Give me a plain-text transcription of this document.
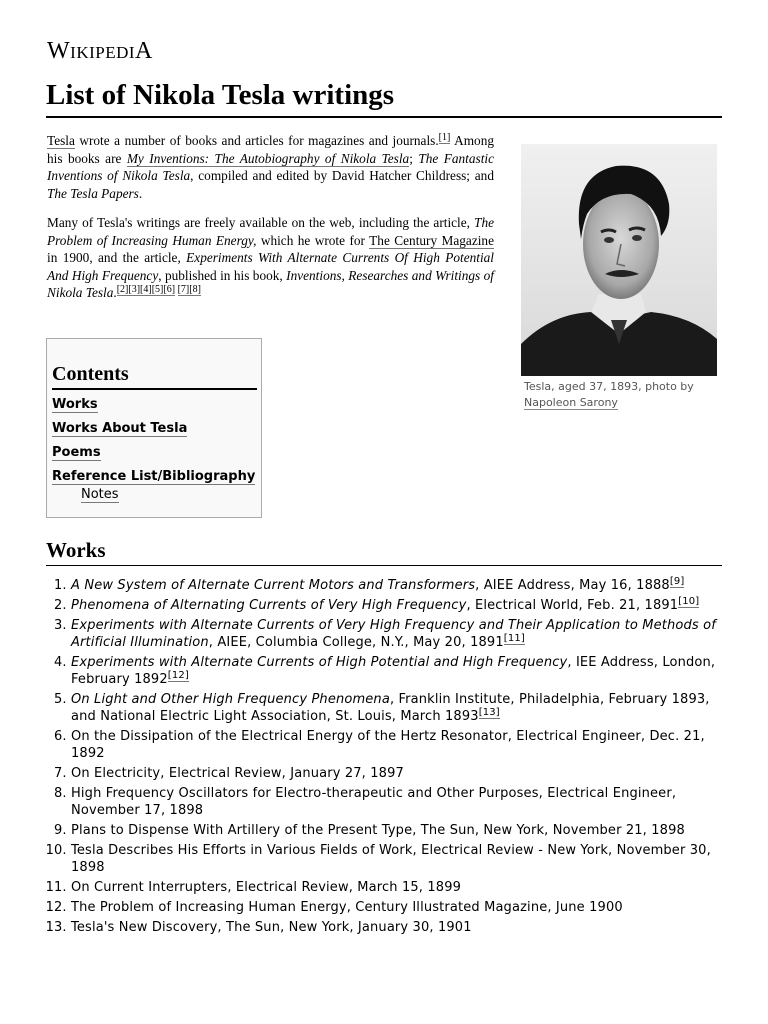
WIKIPEDIA
List of Nikola Tesla writings

Tesla wrote a number of books and articles for magazines and journals.[1] Among his books are My Inventions: The Autobiography of Nikola Tesla; The Fantastic Inventions of Nikola Tesla, compiled and edited by David Hatcher Childress; and The Tesla Papers.

Many of Tesla's writings are freely available on the web, including the article, The Problem of Increasing Human Energy, which he wrote for The Century Magazine in 1900, and the article, Experiments With Alternate Currents Of High Potential And High Frequency, published in his book, Inventions, Researches and Writings of Nikola Tesla.[2][3][4][5][6] [7][8]

Tesla, aged 37, 1893, photo by Napoleon Sarony
Contents
Works
Works About Tesla
Poems
Reference List/Bibliography
Notes
Works
1. A New System of Alternate Current Motors and Transformers, AIEE Address, May 16, 1888[9]
2. Phenomena of Alternating Currents of Very High Frequency, Electrical World, Feb. 21, 1891[10]
3. Experiments with Alternate Currents of Very High Frequency and Their Application to Methods of Artificial Illumination, AIEE, Columbia College, N.Y., May 20, 1891[11]
4. Experiments with Alternate Currents of High Potential and High Frequency, IEE Address, London, February 1892[12]
5. On Light and Other High Frequency Phenomena, Franklin Institute, Philadelphia, February 1893, and National Electric Light Association, St. Louis, March 1893[13]
6. On the Dissipation of the Electrical Energy of the Hertz Resonator, Electrical Engineer, Dec. 21, 1892
7. On Electricity, Electrical Review, January 27, 1897
8. High Frequency Oscillators for Electro-therapeutic and Other Purposes, Electrical Engineer, November 17, 1898
9. Plans to Dispense With Artillery of the Present Type, The Sun, New York, November 21, 1898
10. Tesla Describes His Efforts in Various Fields of Work, Electrical Review - New York, November 30, 1898
11. On Current Interrupters, Electrical Review, March 15, 1899
12. The Problem of Increasing Human Energy, Century Illustrated Magazine, June 1900
13. Tesla's New Discovery, The Sun, New York, January 30, 1901
